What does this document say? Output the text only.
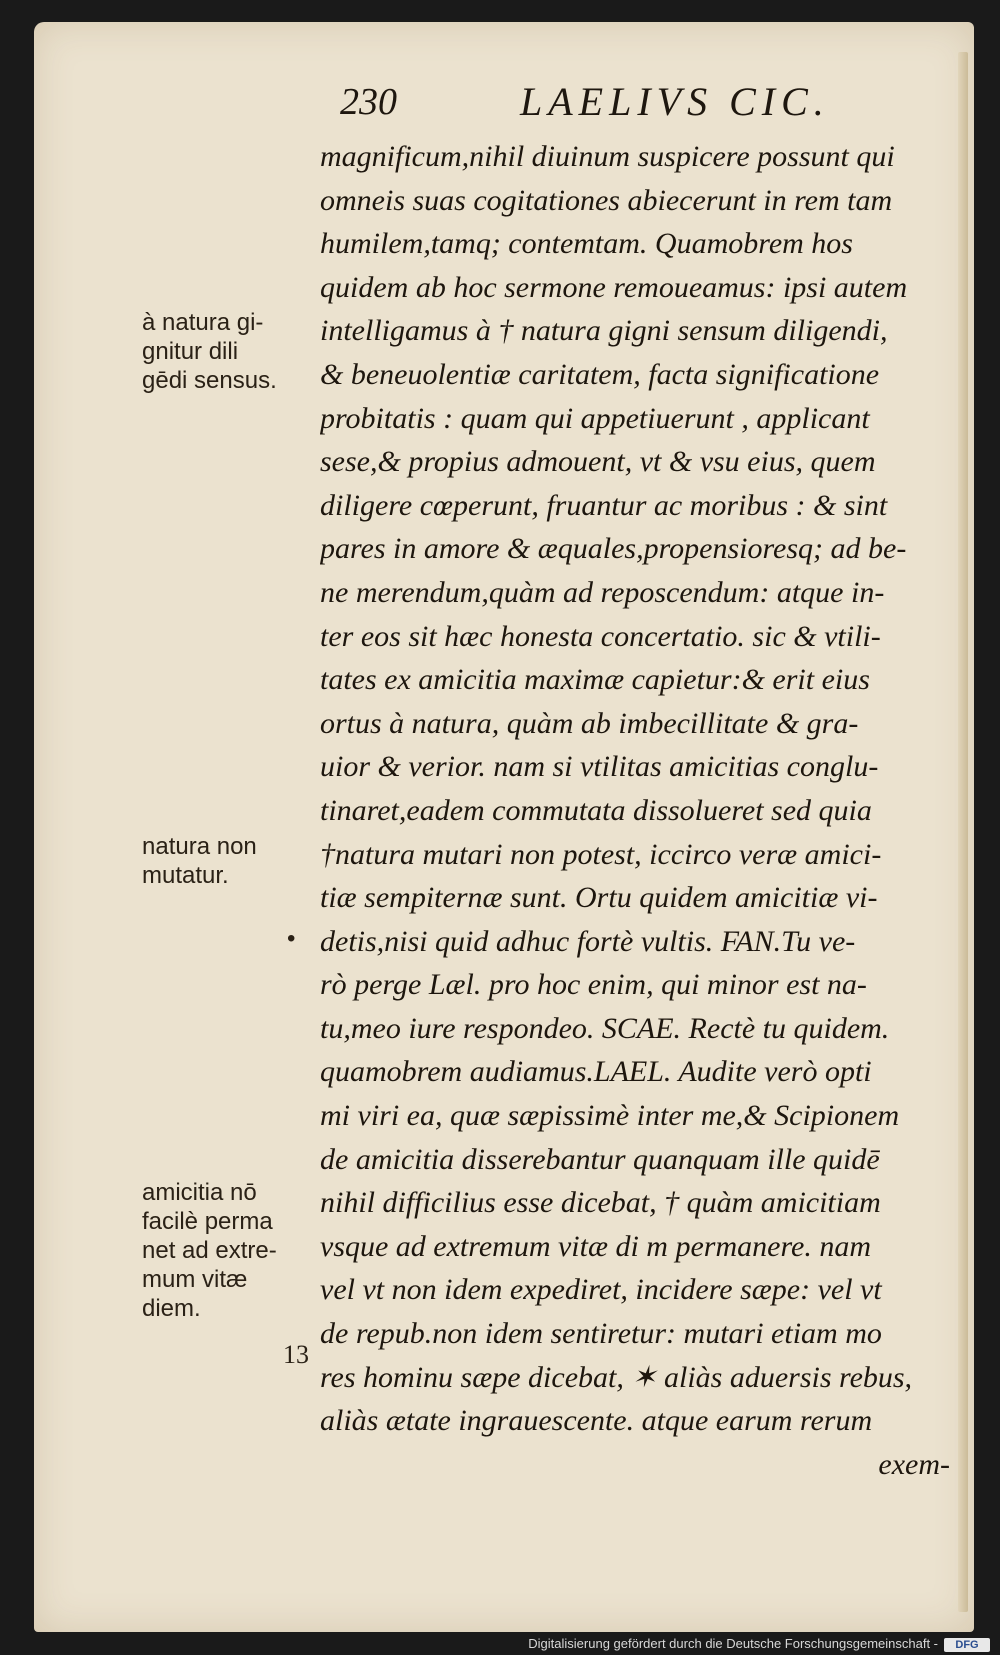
230	LAELIVS CIC.
magnificum,nihil diuinum suspicere possunt qui
omneis suas cogitationes abiecerunt in rem tam
humilem,tamq; contemtam. Quamobrem hos
quidem ab hoc sermone remoueamus: ipsi autem
intelligamus à † natura gigni sensum diligendi,
& beneuolentiæ caritatem, facta significatione
probitatis : quam qui appetiuerunt , applicant
sese,& propius admouent, vt & vsu eius, quem
diligere cœperunt, fruantur ac moribus : & sint
pares in amore & æquales,propensioresq; ad be-
ne merendum,quàm ad reposcendum: atque in-
ter eos sit hæc honesta concertatio. sic & vtili-
tates ex amicitia maximæ capietur:& erit eius
ortus à natura, quàm ab imbecillitate & gra-
uior & verior. nam si vtilitas amicitias conglu-
tinaret,eadem commutata dissolueret sed quia
†natura mutari non potest, iccirco veræ amici-
tiæ sempiternæ sunt. Ortu quidem amicitiæ vi-
detis,nisi quid adhuc fortè vultis. FAN.Tu ve-
rò perge Læl. pro hoc enim, qui minor est na-
tu,meo iure respondeo. SCAE. Rectè tu quidem.
quamobrem audiamus.LAEL. Audite verò opti
mi viri ea, quæ sæpissimè inter me,& Scipionem
de amicitia disserebantur quanquam ille quidē
nihil difficilius esse dicebat, † quàm amicitiam
vsque ad extremum vitæ di m permanere. nam
vel vt non idem expediret, incidere sæpe: vel vt
de repub.non idem sentiretur: mutari etiam mo
res hominu sæpe dicebat, ✶ aliàs aduersis rebus,
aliàs ætate ingrauescente. atque earum rerum
exem-
à natura gi-
gnitur dili
gēdi sensus.
natura non
mutatur.
amicitia nō
facilè perma
net ad extre-
mum vitæ
diem.
•
13
Digitalisierung gefördert durch die Deutsche Forschungsgemeinschaft -	DFG
